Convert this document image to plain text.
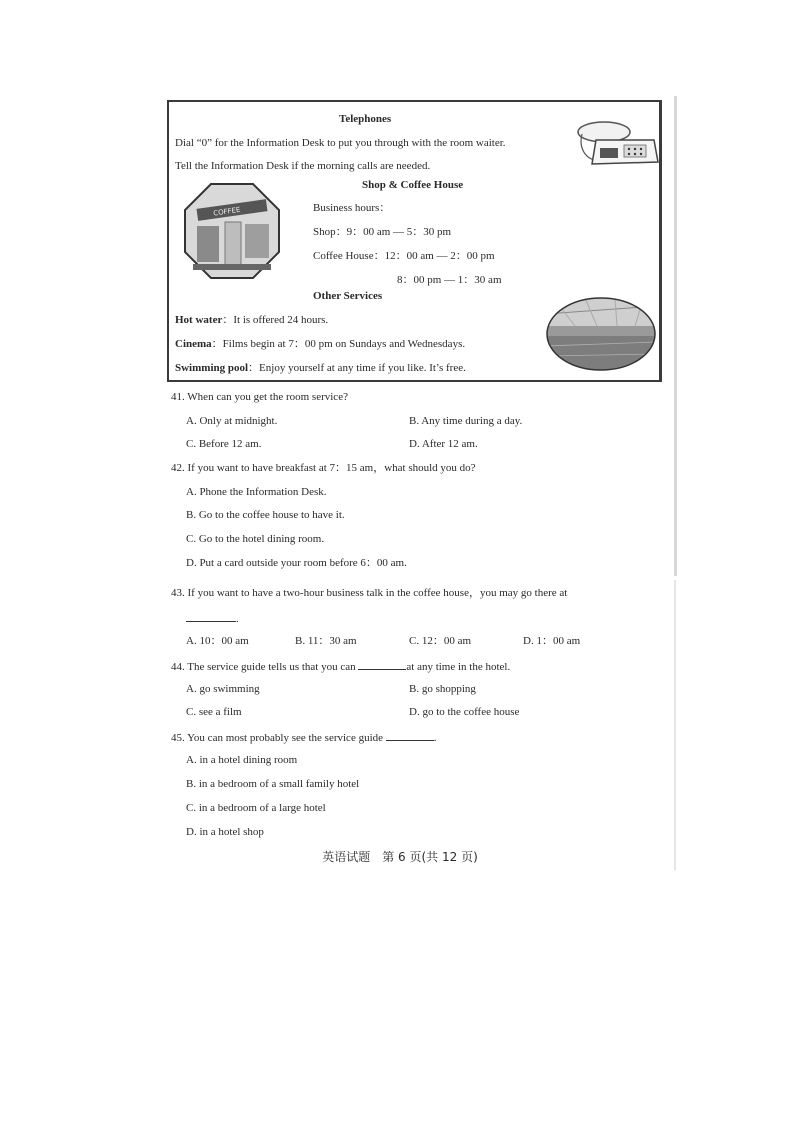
Telephones
Dial “0” for the Information Desk to put you through with the room waiter.
Tell the Information Desk if the morning calls are needed.
Shop & Coffee House
COFFEE	Business hours：
Shop：9：00 am — 5：30 pm
Coffee House：12：00 am — 2：00 pm
8：00 pm — 1：30 am
Other Services
Hot water：It is offered 24 hours.
Cinema：Films begin at 7：00 pm on Sundays and Wednesdays.
Swimming pool：Enjoy yourself at any time if you like. It’s free.
41. When can you get the room service?
A. Only at midnight.	B. Any time during a day.
C. Before 12 am.	D. After 12 am.
42. If you want to have breakfast at 7：15 am，what should you do?
A. Phone the Information Desk.
B. Go to the coffee house to have it.
C. Go to the hotel dining room.
D. Put a card outside your room before 6：00 am.
43. If you want to have a two-hour business talk in the coffee house，you may go there at
.
A. 10：00 am	B. 11：30 am	C. 12：00 am	D. 1：00 am
44. The service guide tells us that you can	at any time in the hotel.
A. go swimming	B. go shopping
C. see a film	D. go to the coffee house
45. You can most probably see the service guide	.
A. in a hotel dining room
B. in a bedroom of a small family hotel
C. in a bedroom of a large hotel
D. in a hotel shop
英语试题　第 6 页(共 12 页)
